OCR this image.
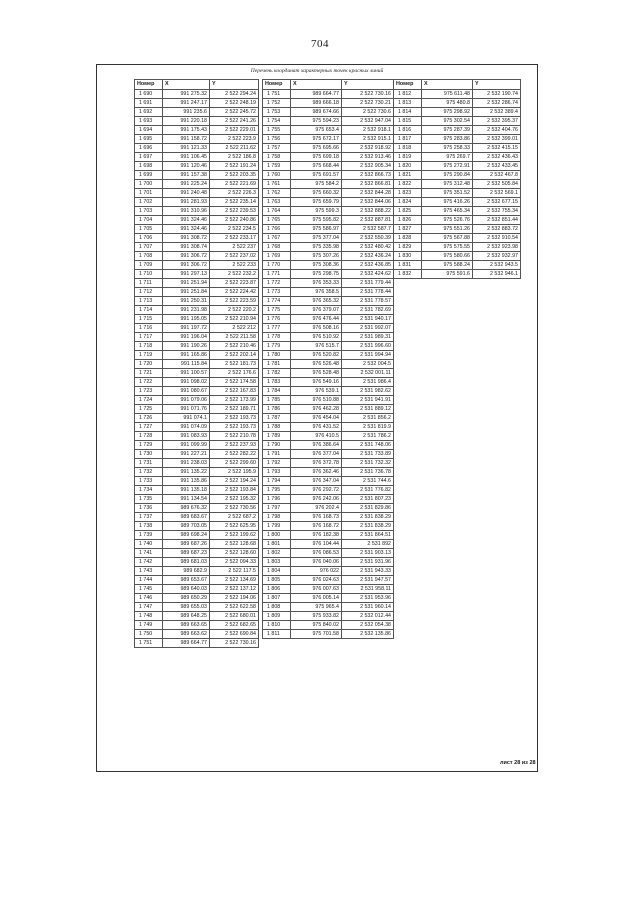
704
Перечень координат характерных точек красных линий
Номер	X	Y
1 690	991 275.32	2 522 294.24
1 691	991 247.17	2 522 248.19
1 692	991 235.6	2 522 245.72
1 693	991 220.18	2 522 241.26
1 694	991 175.43	2 522 229.01
1 695	991 158.72	2 522 223.9
1 696	991 121.33	2 522 211.62
1 697	991 106.45	2 522 186.8
1 698	991 120.46	2 522 191.24
1 699	991 157.38	2 522 203.35
1 700	991 225.24	2 522 221.69
1 701	991 240.48	2 522 226.3
1 702	991 281.93	2 522 235.14
1 703	991 310.96	2 522 239.53
1 704	991 324.46	2 522 240.86
1 705	991 324.46	2 522 234.5
1 706	991 308.72	2 522 233.17
1 707	991 308.74	2 522 237
1 708	991 306.72	2 522 237.02
1 709	991 306.72	2 522 233
1 710	991 297.13	2 522 232.2
1 711	991 251.94	2 522 223.87
1 712	991 251.84	2 522 224.42
1 713	991 250.31	2 522 223.59
1 714	991 231.98	2 522 220.2
1 715	991 195.05	2 522 210.94
1 716	991 197.72	2 522 212
1 717	991 196.04	2 522 211.58
1 718	991 190.26	2 522 210.46
1 719	991 165.86	2 522 202.14
1 720	991 115.84	2 522 181.73
1 721	991 100.57	2 522 176.6
1 722	991 098.02	2 522 174.58
1 723	991 080.67	2 522 167.83
1 724	991 079.06	2 522 173.99
1 725	991 071.76	2 522 189.71
1 726	991 074.1	2 522 193.73
1 727	991 074.09	2 522 193.73
1 728	991 083.93	2 522 210.78
1 729	991 099.99	2 522 237.93
1 730	991 227.21	2 522 282.22
1 731	991 238.03	2 522 299.60
1 732	991 135.22	2 522 195.9
1 733	991 135.86	2 522 194.24
1 734	991 135.18	2 522 193.84
1 735	991 134.54	2 522 195.32
1 736	989 676.32	2 522 730.56
1 737	989 683.67	2 522 687.2
1 738	989 703.05	2 522 625.95
1 739	989 698.24	2 522 199.62
1 740	989 687.26	2 522 128.68
1 741	989 687.23	2 522 128.60
1 742	989 681.03	2 522 094.33
1 743	989 682.9	2 522 117.5
1 744	989 653.67	2 522 134.69
1 745	989 640.03	2 522 137.12
1 746	989 650.29	2 522 194.06
1 747	989 655.03	2 522 622.58
1 748	989 648.25	2 522 680.01
1 749	989 663.65	2 522 682.65
1 750	989 663.62	2 522 690.84
1 751	989 664.77	2 522 730.16
Номер	X	Y
1 751	989 664.77	2 522 730.16
1 752	989 666.18	2 522 730.21
1 753	989 674.66	2 522 730.6
1 754	975 594.23	2 532 947.04
1 755	975 653.4	2 532 918.1
1 756	975 672.17	2 532 915.1
1 757	975 695.66	2 532 918.92
1 758	975 699.18	2 532 913.46
1 759	975 668.44	2 532 905.34
1 760	975 691.57	2 532 866.73
1 761	975 584.2	2 532 866.81
1 762	975 660.32	2 532 844.28
1 763	975 659.79	2 532 844.06
1 764	975 599.3	2 532 888.22
1 765	975 595.82	2 532 887.81
1 766	975 586.97	2 532 587.7
1 767	975 377.04	2 532 550.39
1 768	975 335.98	2 532 480.42
1 769	975 307.26	2 532 436.24
1 770	975 308.36	2 532 436.85
1 771	975 298.75	2 532 424.62
1 772	976 353.33	2 531 779.44
1 773	976 358.5	2 531 778.44
1 774	976 365.32	2 531 778.57
1 775	976 379.07	2 531 782.69
1 776	976 476.44	2 531 940.17
1 777	976 508.16	2 531 992.07
1 778	976 510.92	2 531 989.31
1 779	976 515.7	2 531 996.60
1 780	976 520.82	2 531 994.94
1 781	976 526.48	2 532 004.5
1 782	976 528.48	2 532 001.11
1 783	976 549.16	2 531 986.4
1 784	976 539.1	2 531 982.62
1 785	976 510.88	2 531 941.91
1 786	976 462.28	2 531 889.12
1 787	976 454.04	2 531 856.2
1 788	976 431.52	2 531 819.9
1 789	976 410.5	2 531 786.2
1 790	976 386.64	2 531 748.06
1 791	976 377.04	2 531 733.89
1 792	976 372.78	2 531 732.32
1 793	976 362.46	2 531 736.78
1 794	976 347.04	2 531 744.6
1 795	976 292.72	2 531 776.82
1 796	976 242.06	2 531 807.23
1 797	976 202.4	2 531 829.86
1 798	976 168.73	2 531 838.29
1 799	976 168.72	2 531 838.29
1 800	976 182.38	2 531 864.51
1 801	976 104.44	2 531 892
1 802	976 086.53	2 531 903.13
1 803	976 040.06	2 531 931.96
1 804	976 022	2 531 943.33
1 805	976 024.63	2 531 947.57
1 806	976 007.63	2 531 958.11
1 807	976 005.14	2 531 953.96
1 808	975 965.4	2 531 960.14
1 809	975 933.82	2 532 012.44
1 810	975 840.02	2 532 054.38
1 811	975 701.58	2 532 135.86
Номер	X	Y
1 812	975 611.48	2 532 190.74
1 813	975 480.8	2 532 286.74
1 814	975 298.92	2 532 389.4
1 815	975 302.54	2 532 395.37
1 816	975 287.39	2 532 404.76
1 817	975 283.86	2 532 399.01
1 818	975 258.33	2 532 415.15
1 819	975 269.7	2 532 436.43
1 820	975 272.91	2 532 433.45
1 821	975 290.84	2 532 467.8
1 822	975 312.48	2 532 505.84
1 823	975 351.52	2 532 569.1
1 824	975 416.26	2 532 677.15
1 825	975 465.34	2 532 755.34
1 826	975 526.76	2 532 851.44
1 827	975 551.26	2 532 883.72
1 828	975 567.88	2 532 910.54
1 829	975 575.55	2 532 923.98
1 830	975 580.66	2 532 932.97
1 831	975 588.24	2 532 943.5
1 832	975 591.6	2 532 946.1
лист 28 из 28
